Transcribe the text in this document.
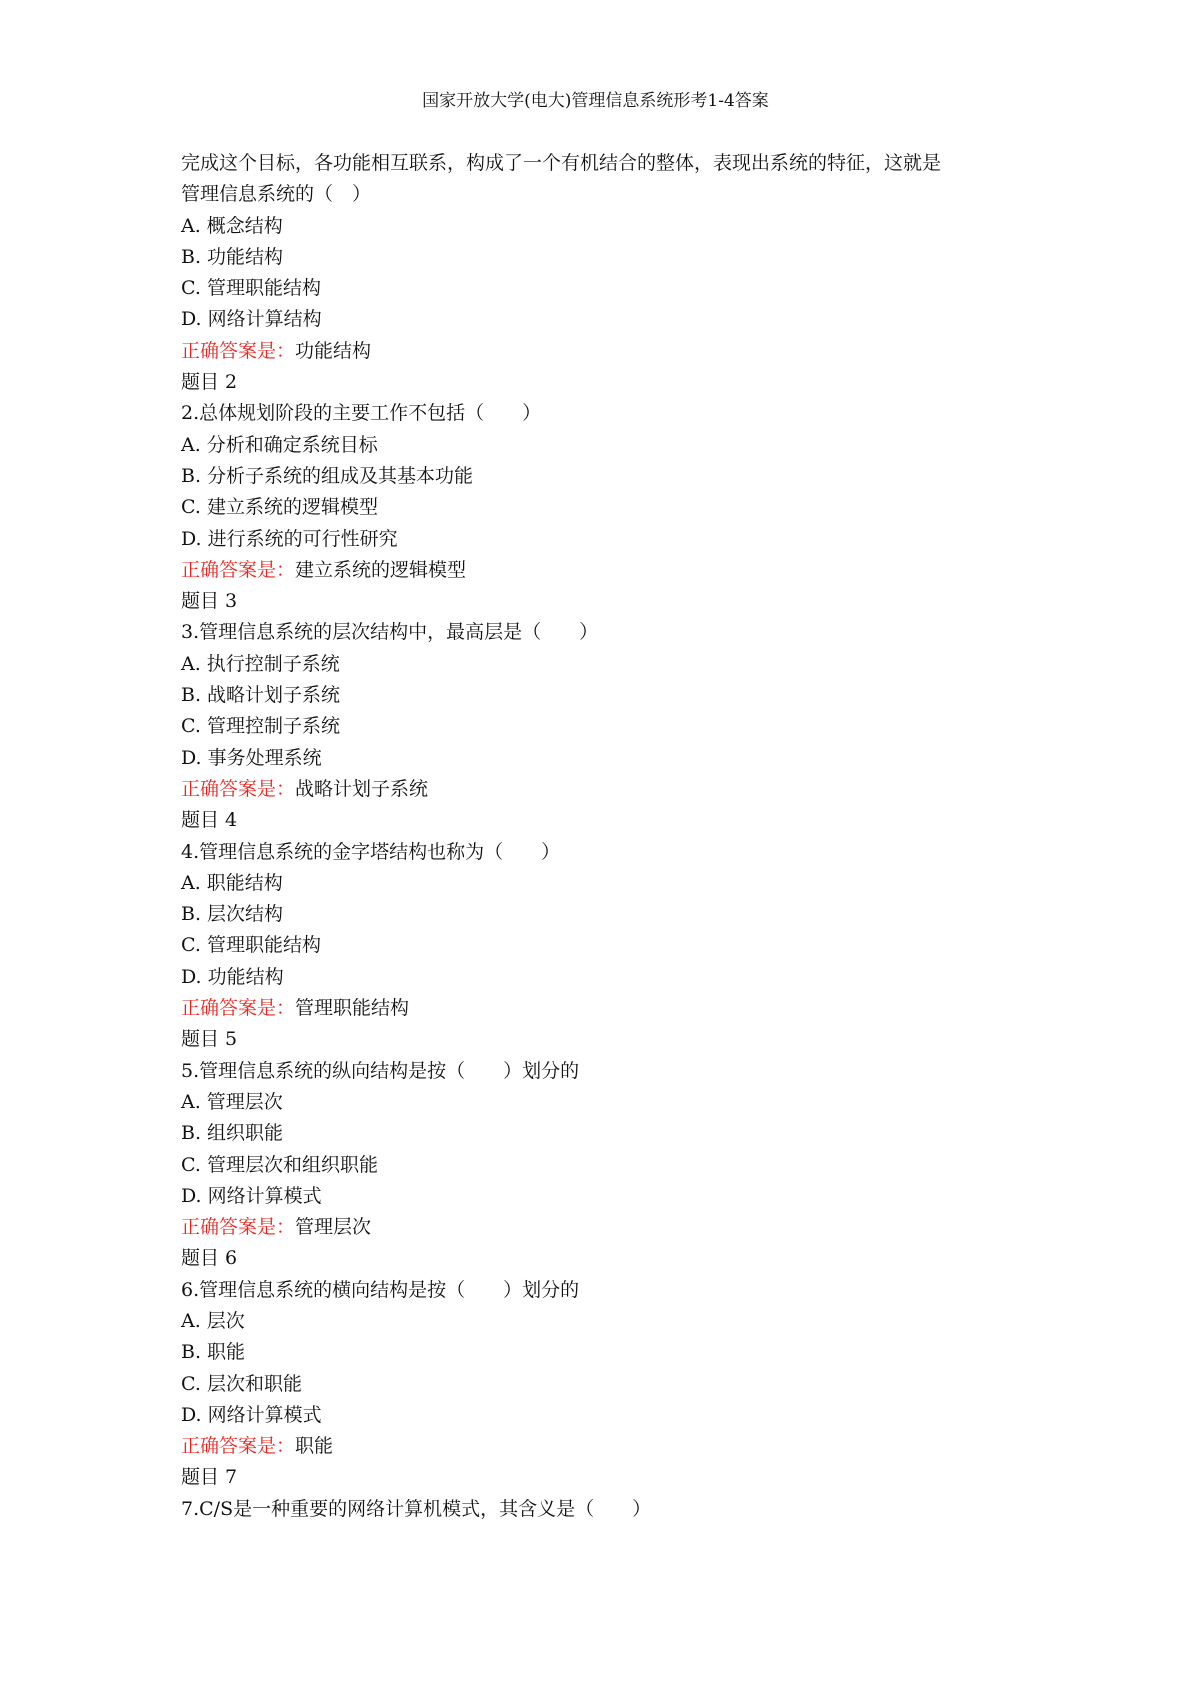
国家开放大学(电大)管理信息系统形考1-4答案
完成这个目标，各功能相互联系，构成了一个有机结合的整体，表现出系统的特征，这就是
管理信息系统的（　）
A. 概念结构
B. 功能结构
C. 管理职能结构
D. 网络计算结构
正确答案是：功能结构
题目 2
2.总体规划阶段的主要工作不包括（　　）
A. 分析和确定系统目标
B. 分析子系统的组成及其基本功能
C. 建立系统的逻辑模型
D. 进行系统的可行性研究
正确答案是：建立系统的逻辑模型
题目 3
3.管理信息系统的层次结构中，最高层是（　　）
A. 执行控制子系统
B. 战略计划子系统
C. 管理控制子系统
D. 事务处理系统
正确答案是：战略计划子系统
题目 4
4.管理信息系统的金字塔结构也称为（　　）
A. 职能结构
B. 层次结构
C. 管理职能结构
D. 功能结构
正确答案是：管理职能结构
题目 5
5.管理信息系统的纵向结构是按（　　）划分的
A. 管理层次
B. 组织职能
C. 管理层次和组织职能
D. 网络计算模式
正确答案是：管理层次
题目 6
6.管理信息系统的横向结构是按（　　）划分的
A. 层次
B. 职能
C. 层次和职能
D. 网络计算模式
正确答案是：职能
题目 7
7.C/S是一种重要的网络计算机模式，其含义是（　　）
